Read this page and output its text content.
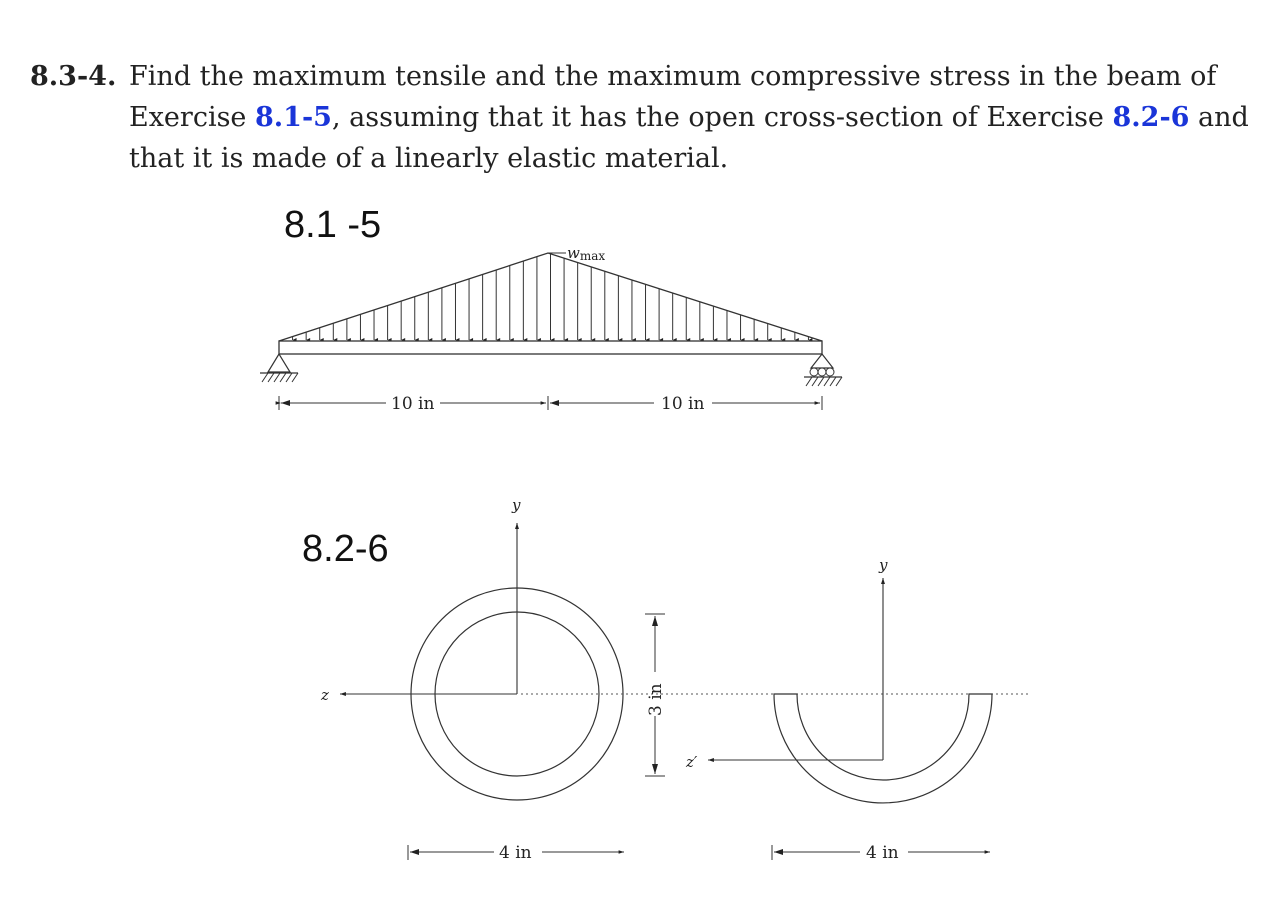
8.3-4. Find the maximum tensile and the maximum compressive stress in the beam of Exercise 8.1-5, assuming that it has the open cross-section of Exercise 8.2-6 and that it is made of a linearly elastic material.
8.1 -5
8.2-6
wmax
10 in	10 in
y
z	3 in
y
z′
4 in	4 in
